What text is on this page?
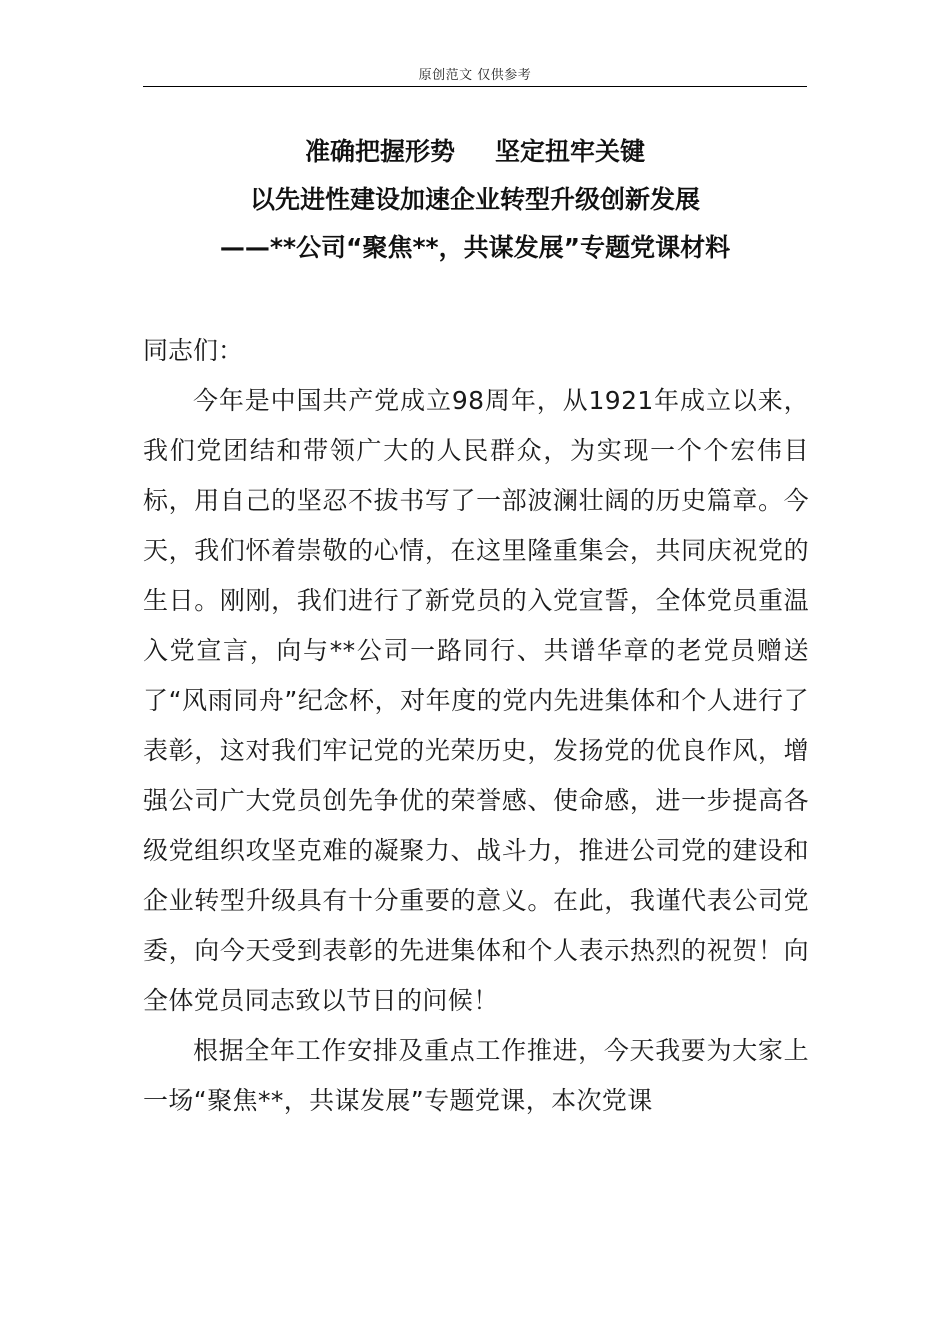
原创范文 仅供参考
准确把握形势 坚定扭牢关键
以先进性建设加速企业转型升级创新发展
——**公司“聚焦**，共谋发展”专题党课材料
同志们：
今年是中国共产党成立98周年，从1921年成立以来，我们党团结和带领广大的人民群众，为实现一个个宏伟目标，用自己的坚忍不拔书写了一部波澜壮阔的历史篇章。今天，我们怀着崇敬的心情，在这里隆重集会，共同庆祝党的生日。刚刚，我们进行了新党员的入党宣誓，全体党员重温入党宣言，向与**公司一路同行、共谱华章的老党员赠送了“风雨同舟”纪念杯，对年度的党内先进集体和个人进行了表彰，这对我们牢记党的光荣历史，发扬党的优良作风，增强公司广大党员创先争优的荣誉感、使命感，进一步提高各级党组织攻坚克难的凝聚力、战斗力，推进公司党的建设和企业转型升级具有十分重要的意义。在此，我谨代表公司党委，向今天受到表彰的先进集体和个人表示热烈的祝贺！向全体党员同志致以节日的问候！
根据全年工作安排及重点工作推进，今天我要为大家上一场“聚焦**，共谋发展”专题党课，本次党课
